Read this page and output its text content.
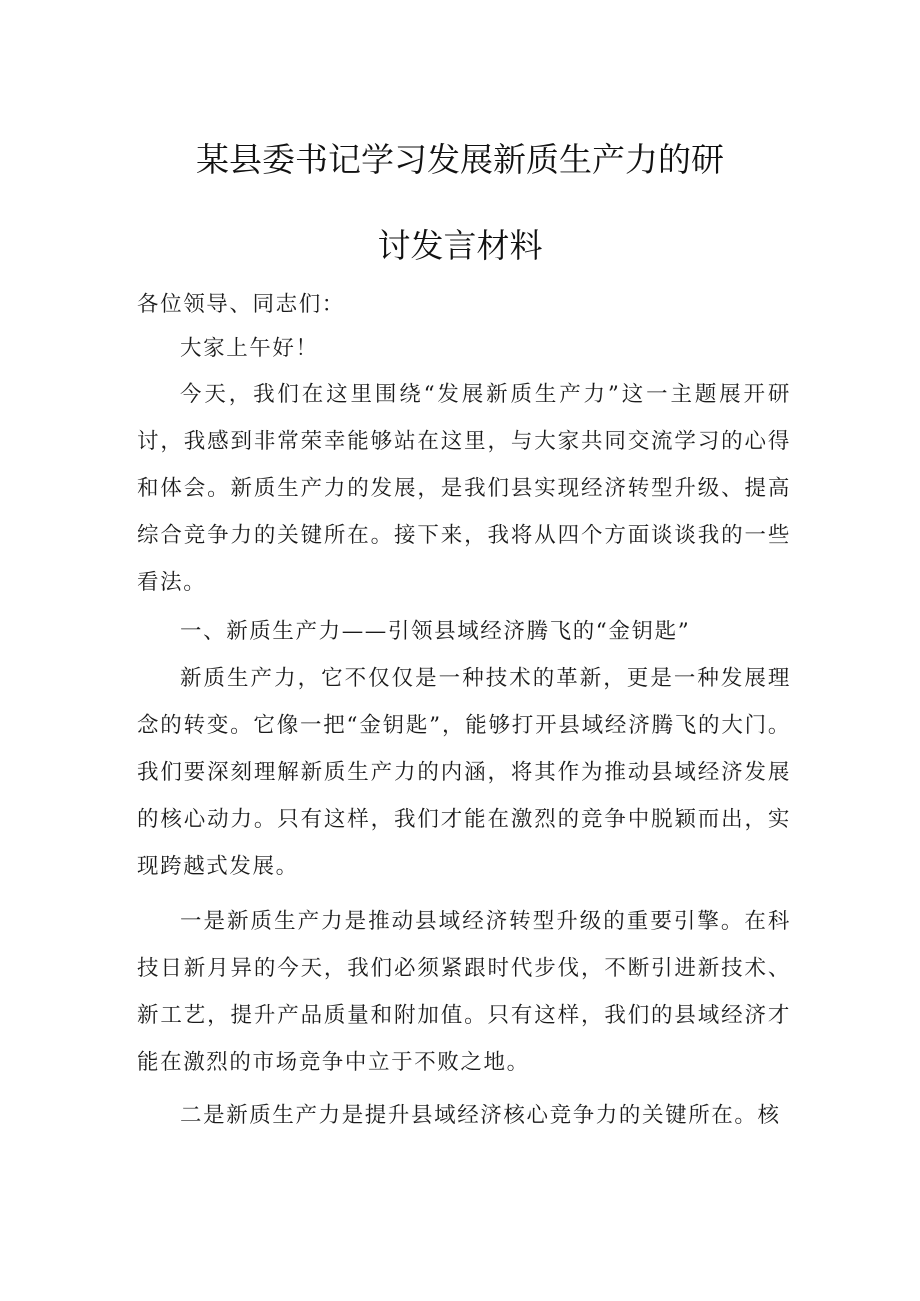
某县委书记学习发展新质生产力的研
讨发言材料

各位领导、同志们：

大家上午好！

今天，我们在这里围绕“发展新质生产力”这一主题展开研讨，我感到非常荣幸能够站在这里，与大家共同交流学习的心得和体会。新质生产力的发展，是我们县实现经济转型升级、提高综合竞争力的关键所在。接下来，我将从四个方面谈谈我的一些看法。

一、新质生产力——引领县域经济腾飞的“金钥匙”

新质生产力，它不仅仅是一种技术的革新，更是一种发展理念的转变。它像一把“金钥匙”，能够打开县域经济腾飞的大门。我们要深刻理解新质生产力的内涵，将其作为推动县域经济发展的核心动力。只有这样，我们才能在激烈的竞争中脱颖而出，实现跨越式发展。

一是新质生产力是推动县域经济转型升级的重要引擎。在科技日新月异的今天，我们必须紧跟时代步伐，不断引进新技术、新工艺，提升产品质量和附加值。只有这样，我们的县域经济才能在激烈的市场竞争中立于不败之地。

二是新质生产力是提升县域经济核心竞争力的关键所在。核
